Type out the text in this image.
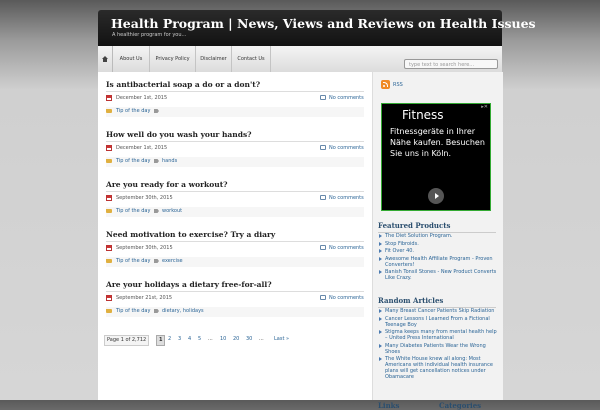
Health Program | News, Views and Reviews on Health Issues
A healthier program for you...
About Us	Privacy Policy	Disclaimer	Contact Us
type text to search here...
Is antibacterial soap a do or a don't?
December 1st, 2015	No comments
Tip of the day
How well do you wash your hands?
December 1st, 2015	No comments
Tip of the day hands
Are you ready for a workout?
September 30th, 2015	No comments
Tip of the day workout
Need motivation to exercise? Try a diary
September 30th, 2015	No comments
Tip of the day exercise
Are your holidays a dietary free-for-all?
September 21st, 2015	No comments
Tip of the day dietary, holidays
Page 1 of 2,712	1	2	3	4	5	...	10	20	30	...	Last »
RSS
▸✕
Fitness
Fitnessgeräte in Ihrer Nähe kaufen. Besuchen Sie uns in Köln.
Featured Products
The Diet Solution Program.
Stop Fibroids.
Fit Over 40.
Awesome Health Affiliate Program - Proven Converters!
Banish Tonsil Stones - New Product Converts Like Crazy.
Random Articles
Many Breast Cancer Patients Skip Radiation
Cancer Lessons I Learned From a Fictional Teenage Boy
Stigma keeps many from mental health help – United Press International
Many Diabetes Patients Wear the Wrong Shoes
The White House knew all along: Most Americans with individual health insurance plans will get cancellation notices under Obamacare
Links	Categories
